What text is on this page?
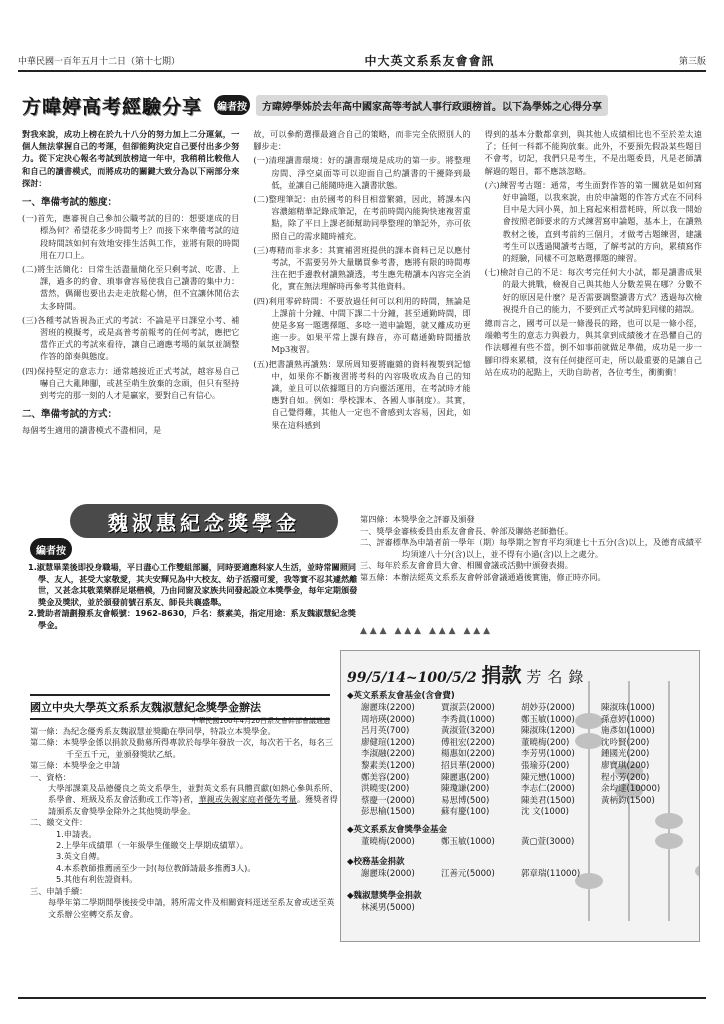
中華民國一百年五月十二日（第十七期）	中大英文系系友會會訊	第三版
方暐婷高考經驗分享	編者按	方暐婷學姊於去年高中國家高等考試人事行政頭榜首。以下為學姊之心得分享

對我來說，成功上榜在於九十八分的努力加上二分運氣，一個人無法掌握自己的考運，但卻能夠決定自己要付出多少努力。從下定決心報名考試到放榜這一年中，我稍稍比較他人和自己的讀書模式，而將成功的關鍵大致分為以下兩部分來探討：

一、準備考試的態度：

(一)首先，應審視自己參加公職考試的目的：想要達成的目標為何？希望花多少時間考上？而接下來準備考試的這段時間該如何有效地安排生活與工作，並將有限的時間用在刀口上。

(二)將生活簡化：日常生活盡量簡化至只剩考試、吃書、上課，過多的約會、瑣事會容易使我自己讀書的集中力：當然，偶爾也要出去走走放鬆心情，但不宜讓休閒佔去太多時間。

(三)各種考試皆視為正式的考試：不論是平日課堂小考、補習班的模擬考，或是高普考前報考的任何考試，應把它當作正式的考試來看待，讓自己適應考場的氣氛並調整作答的節奏與態度。

(四)保持堅定的意志力：通常越接近正式考試，越容易自己嚇自己大亂陣腳，或甚至萌生放棄的念頭，但只有堅持到考完的那一刻的人才是贏家，要對自己有信心。

二、準備考試的方式：

每個考生適用的讀書模式不盡相同，是

故，可以參酌選擇最適合自己的策略，而非完全依照別人的腳步走：

(一)清理讀書環境：好的讀書環境是成功的第一步。將整理房間、淨空桌面等可以迎面自己約讀書的干擾降到最低，並讓自己能隨時進入讀書狀態。

(二)整理筆記：由於國考的科目相當繁雜，因此，將課本內容濃縮精華記錄成筆記，在考前時間內能夠快速複習重點，除了平日上課老師幫助同學整理的筆記外，亦可依照自己的需求隨時補充。

(三)專精而非求多：其實補習班提供的課本資料已足以應付考試，不需要另外大量購買參考書，應將有限的時間專注在把手邊教材讀熟讀透，考生應先精讀本內容完全消化，實在無法理解時再參考其他資料。

(四)利用零碎時間：不要放過任何可以利用的時間，無論是上課前十分鐘、中間下課二十分鐘，甚至通勤時間，即使是多寫一題選擇題、多唸一道申論題，就又離成功更進一步。如果平常上課有錄音，亦可藉通勤時間播放Mp3複習。

(五)把書讀熟再讀熟：眾所周知要將龐雜的資料複製到記憶中，如果你不斷複習將考科的內容吸收成為自己的知識，並且可以依據題目的方向靈活運用，在考試時才能應對自如。例如：學校課本、各國人事制度）。其實，自己覺得難，其他人一定也不會感到太容易，因此，如果在這科感到

得到的基本分數都拿到，與其他人成績相比也不至於差太遠了；任何一科都不能夠放棄。此外，不要預先假設某些題目不會考，切記，我們只是考生，不是出題委員，凡是老師講解過的題目，都不應該忽略。

(六)練習考古題：通常，考生面對作答的第一關就是如何寫好申論題，以我來說，由於申論題的作答方式在不同科目中是大同小異，加上寫起來相當耗時，所以我一開始會按照老師要求的方式練習寫申論題，基本上，在讀熟教材之後，直到考前約三個月，才做考古題練習，建議考生可以透過閱讀考古題，了解考試的方向，累積寫作的經驗，同樣不可忽略選擇題的練習。

(七)檢討自己的不足：每次考完任何大小試，都是讀書成果的最大挑戰，檢視自己與其他人分數差異在哪？分數不好的原因是什麼？是否需要調整讀書方式？透過每次檢視提升自己的能力，不要到正式考試時犯同樣的錯誤。

總而言之，國考可以是一條漫長的路，也可以是一條小徑，端賴考生的意志力與毅力，與其拿到成績後才在恐懼自己的作法哪裡有些不當，倒不如事前就做足準備，成功是一步一腳印得來累積，沒有任何捷徑可走，所以最重要的是讓自己站在成功的起點上，天助自助者，各位考生，衝衝衝！

魏淑惠紀念獎學金
編者按

1.淑慧畢業後即投身職場，平日盡心工作雙組部屬，同時要適應科家人生活，並時常關照同學、友人，甚受大家敬愛，其夫安輝兄為中大校友、幼子活潑可愛，我等實不忍其遽然離世，又甚念其敬業樂群足堪楷模，乃由同窗及家族共同發起設立本獎學金，每年定期頒發獎金及獎狀，並於頒發前號召系友、師長共襄盛舉。

2.贊助者請劃撥系友會帳號：1962-8630，戶名：蔡素美，指定用途：系友魏淑慧紀念獎學金。

第四條：本獎學金之評審及頒發

一、獎學金審核委員由系友會會長、幹部及聯絡老師擔任。

二、評審標準為申請者前一學年（期）每學期之智育平均須達七十五分(含)以上，及德育成績平均須達八十分(含)以上，並不得有小過(含)以上之處分。

三、每年於系友會會員大會、相關會議或活動中頒發表揚。

第五條：本辦法經英文系系友會幹部會議通過後實施，修正時亦同。

▲ ▲ ▲ ▲ ▲ ▲ ▲ ▲ ▲ ▲ ▲ ▲
國立中央大學英文系系友魏淑慧紀念獎學金辦法
中華民國100年4月20日系友會幹部會議通過

第一條：為紀念優秀系友魏淑慧並獎勵在學同學，特設立本獎學金。

第二條：本獎學金係以捐款及動募所得專款於每學年發放一次，每次若干名，每名三千至五千元，並頒發獎狀乙紙。

第三條：本獎學金之申請

一、資格：

大學部課業及品德優良之英文系學生，並對英文系有具體貢獻(如熱心參與系所、系學會、班級及系友會活動或工作等)者，華親或失親家庭者優先考量。獲獎者得請頒系友會獎學金除外之其他獎助學金。

二、繳交文件：

1.申請表。

2.上學年成績單（一年級學生僅繳交上學期成績單）。

3.英文自傳。

4.本系教師推薦函至少一封(每位教師請最多推薦3人)。

5.其他有利佐證資料。

三、申請手續：

每學年第二學期開學後接受申請，將所需文件及相關資料逕送至系友會或送至英文系辦公室轉交系友會。

99/5/14~100/5/2 捐款 芳名錄
◆英文系系友會基金(含會費)
謝麗珠(2200)	賈淑芸(2000)	胡妙芬(2000)	陳淑珠(1000)
周培瑛(2000)	李秀眞(1000)	鄭玉敏(1000)	孫意婷(1000)
呂月英(700)	黃淑萱(3200)	陳淑珠(1200)	施彥如(1000)
廖健瑄(1200)	傅祖宏(2200)	董曉梅(200)	沈吟賢(200)
李淑融(2200)	楊惠如(2200)	李芳男(1000)	鍾國光(200)
黎素美(1200)	招貝華(2000)	張瑜芬(200)	廖寶琪(200)
鄭美容(200)	陳麗惠(200)	陳元懋(1000)	程小芳(200)
洪曉雯(200)	陳瓊謙(200)	李志仁(2000)	余均達(10000)
蔡慶一(2000)	易思博(500)	陳美君(1500)	黃柄鈞(1500)
彭思榆(1500)	蘇有慶(100)	沈 文(1000)
◆英文系系友會獎學金基金
董曉梅(2000)	鄭玉敏(1000)	黃▢萱(3000)
◆校務基金捐款
謝麗珠(2000)	江善元(5000)	郭章瑞(11000)
◆魏淑慧獎學金捐款
林溪男(5000)
